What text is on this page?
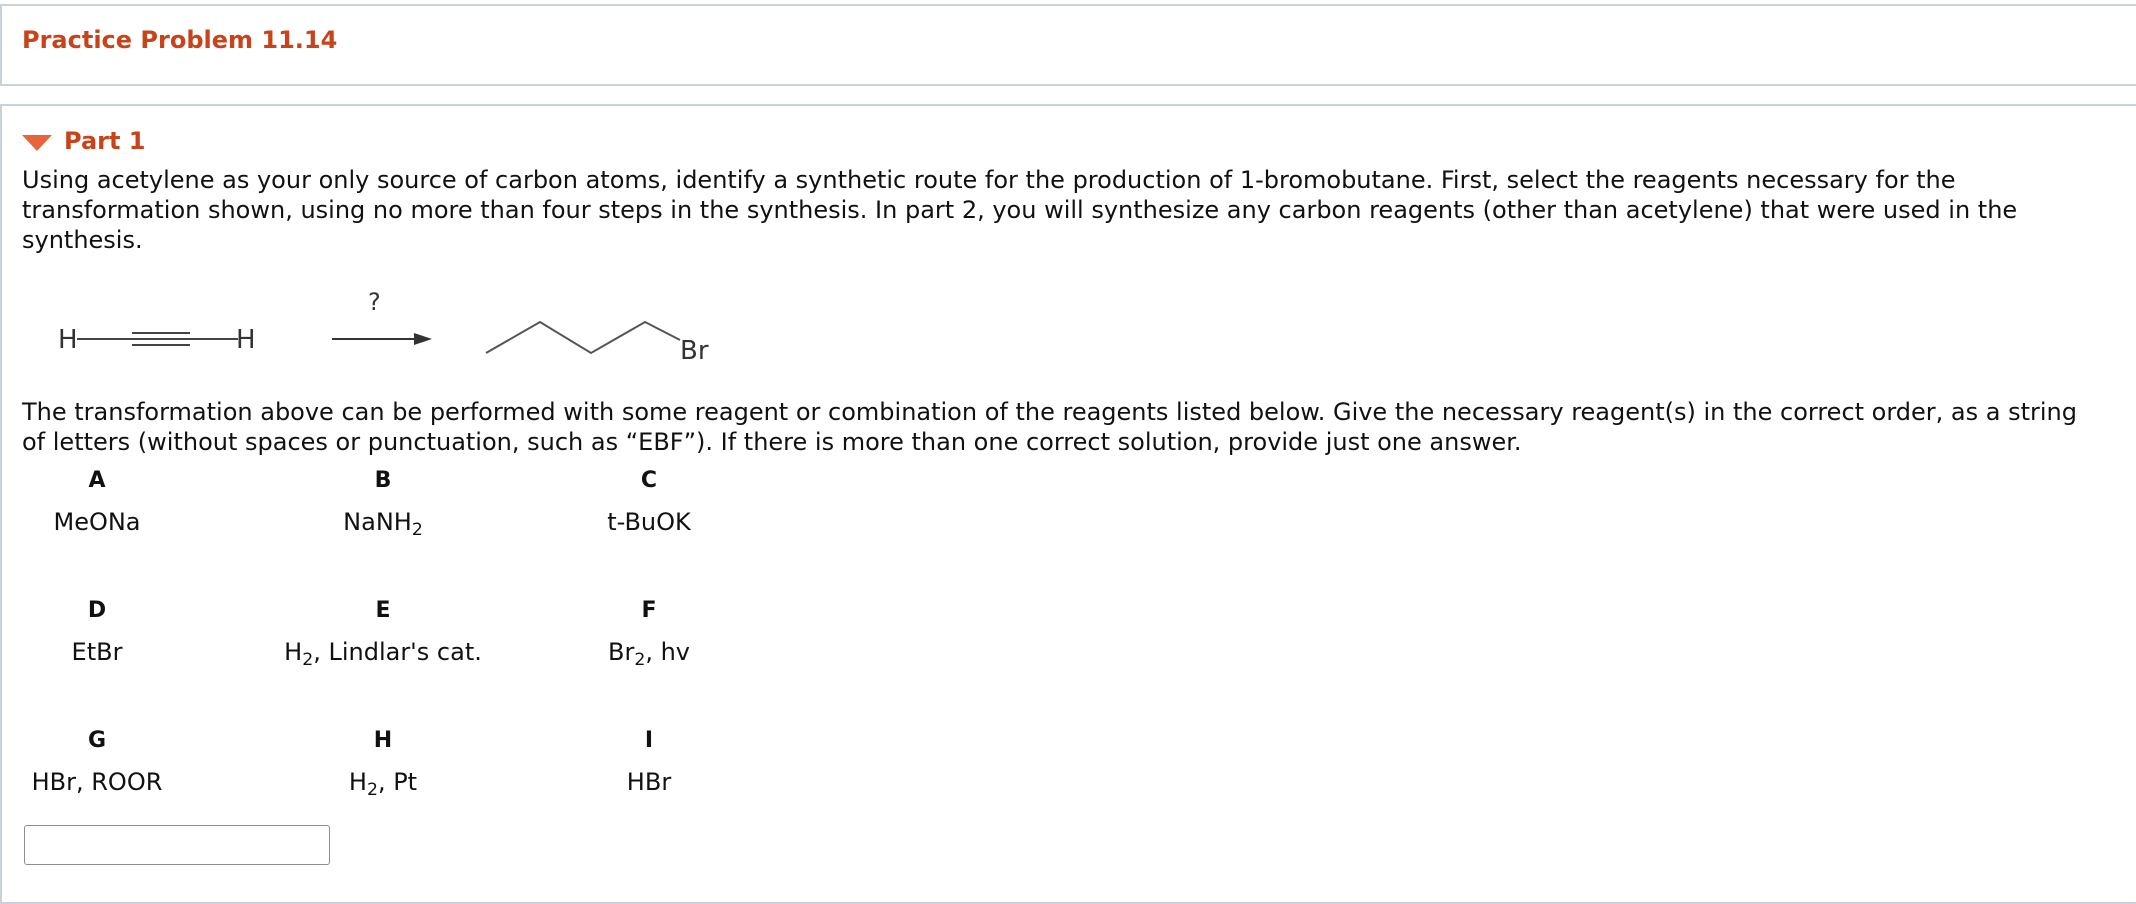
Practice Problem 11.14
Part 1

Using acetylene as your only source of carbon atoms, identify a synthetic route for the production of 1-bromobutane. First, select the reagents necessary for the transformation shown, using no more than four steps in the synthesis. In part 2, you will synthesize any carbon reagents (other than acetylene) that were used in the synthesis.

H	H
?
Br

The transformation above can be performed with some reagent or combination of the reagents listed below. Give the necessary reagent(s) in the correct order, as a string of letters (without spaces or punctuation, such as “EBF”). If there is more than one correct solution, provide just one answer.

A
MeONa
B
NaNH$_2$
C
t-BuOK
D
EtBr
E
$H_2$, Lindlar's cat.
F
$Br_2$, hv
G
HBr, ROOR
H
$H_2$, Pt
I
HBr
